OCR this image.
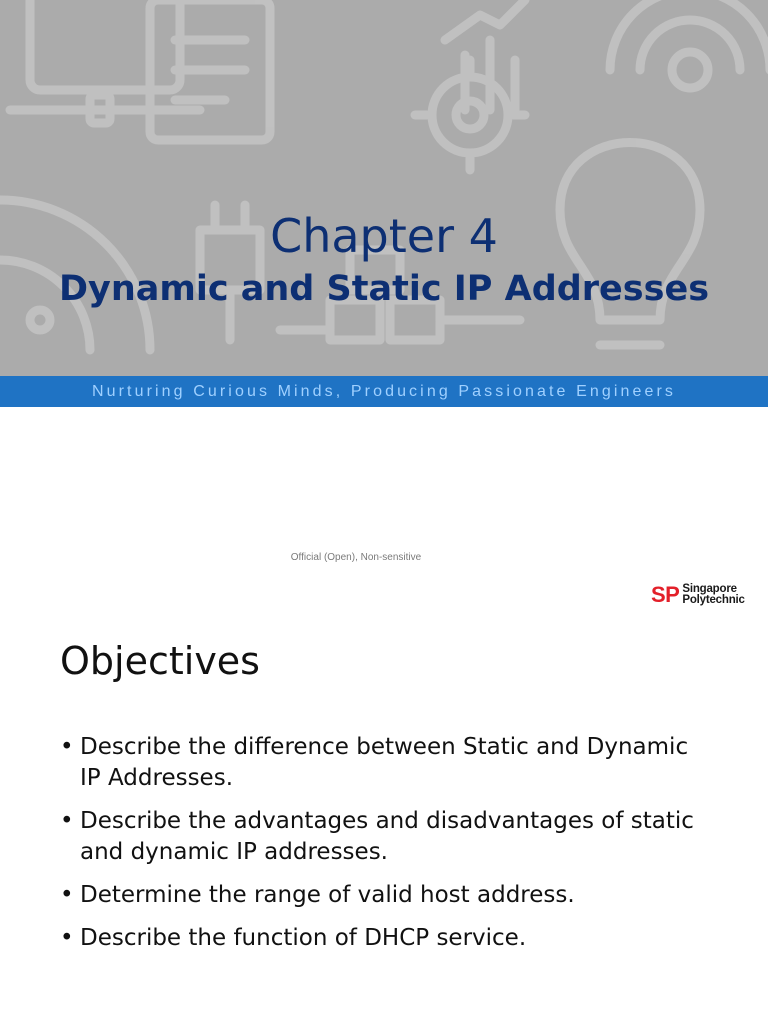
Chapter 4
Dynamic and Static IP Addresses
Nurturing Curious Minds, Producing Passionate Engineers
Official (Open), Non-sensitive
SP Singapore
Polytechnic
Objectives
• Describe the difference between Static and Dynamic IP Addresses.
• Describe the advantages and disadvantages of static and dynamic IP addresses.
• Determine the range of valid host address.
• Describe the function of DHCP service.
